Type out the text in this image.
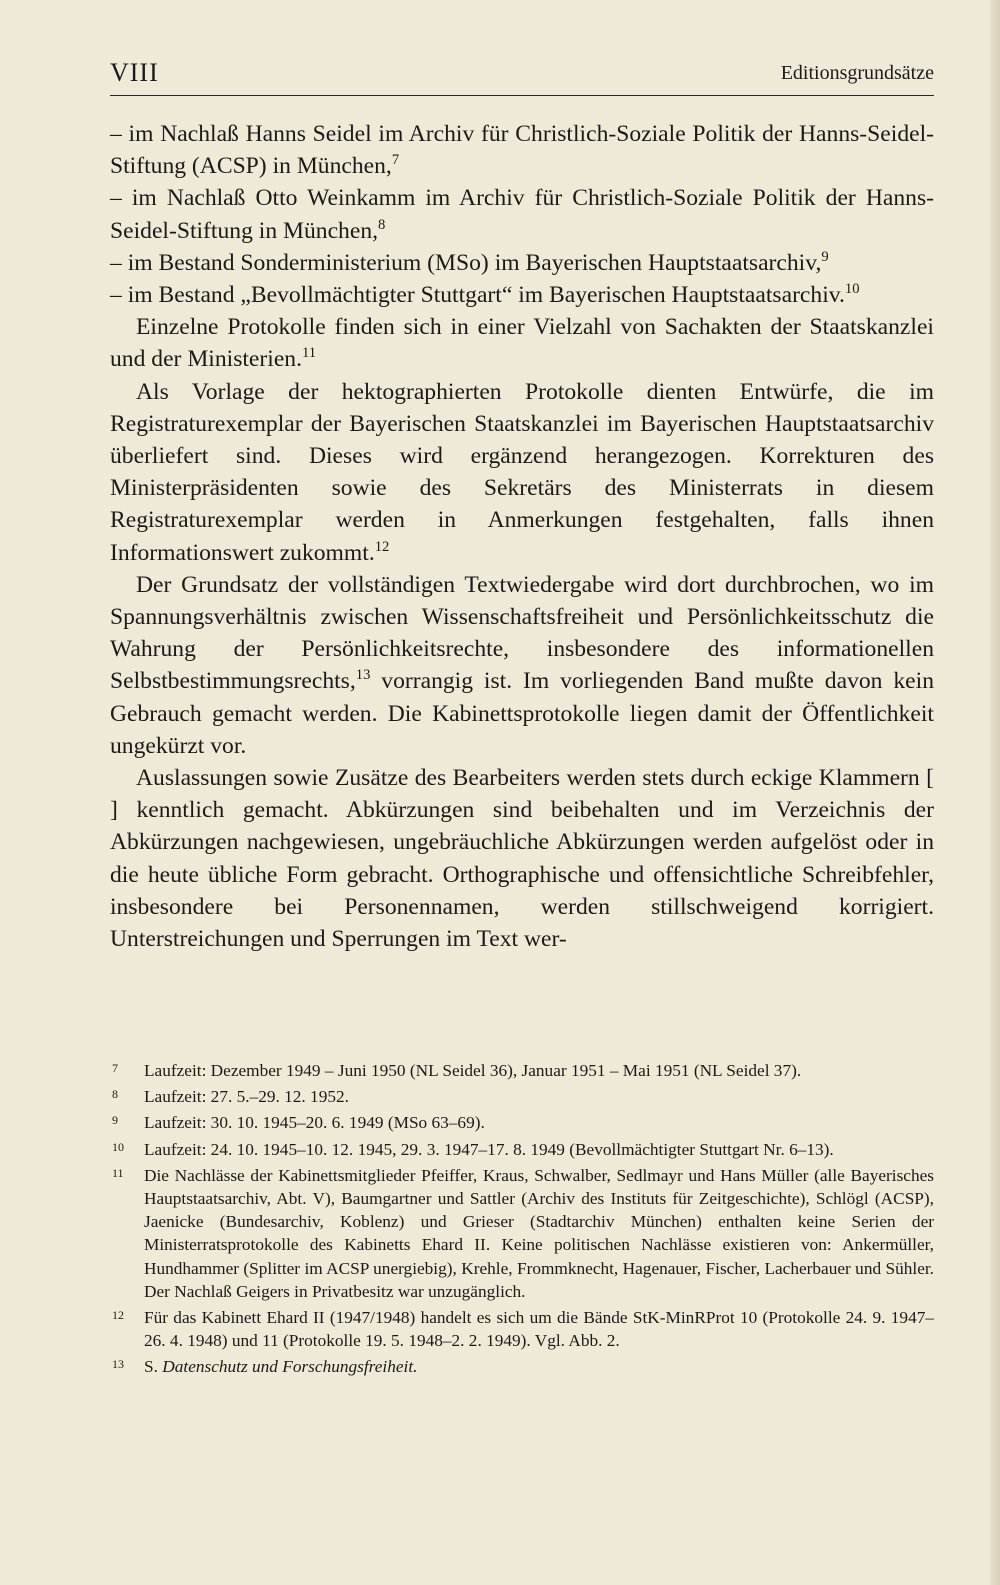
VIII	Editionsgrundsätze

– im Nachlaß Hanns Seidel im Archiv für Christlich-Soziale Politik der Hanns-Seidel-Stiftung (ACSP) in München,$^7$

– im Nachlaß Otto Weinkamm im Archiv für Christlich-Soziale Politik der Hanns-Seidel-Stiftung in München,$^8$

– im Bestand Sonderministerium (MSo) im Bayerischen Hauptstaatsarchiv,$^9$

– im Bestand „Bevollmächtigter Stuttgart“ im Bayerischen Hauptstaatsarchiv.$^{10}$

Einzelne Protokolle finden sich in einer Vielzahl von Sachakten der Staatskanzlei und der Ministerien.$^{11}$

Als Vorlage der hektographierten Protokolle dienten Entwürfe, die im Registraturexemplar der Bayerischen Staatskanzlei im Bayerischen Hauptstaatsarchiv überliefert sind. Dieses wird ergänzend herangezogen. Korrekturen des Ministerpräsidenten sowie des Sekretärs des Ministerrats in diesem Registraturexemplar werden in Anmerkungen festgehalten, falls ihnen Informationswert zukommt.$^{12}$

Der Grundsatz der vollständigen Textwiedergabe wird dort durchbrochen, wo im Spannungsverhältnis zwischen Wissenschaftsfreiheit und Persönlichkeitsschutz die Wahrung der Persönlichkeitsrechte, insbesondere des informationellen Selbstbestimmungsrechts,$^{13}$ vorrangig ist. Im vorliegenden Band mußte davon kein Gebrauch gemacht werden. Die Kabinettsprotokolle liegen damit der Öffentlichkeit ungekürzt vor.

Auslassungen sowie Zusätze des Bearbeiters werden stets durch eckige Klammern [ ] kenntlich gemacht. Abkürzungen sind beibehalten und im Verzeichnis der Abkürzungen nachgewiesen, ungebräuchliche Abkürzungen werden aufgelöst oder in die heute übliche Form gebracht. Orthographische und offensichtliche Schreibfehler, insbesondere bei Personennamen, werden stillschweigend korrigiert. Unterstreichungen und Sperrungen im Text wer-

7 Laufzeit: Dezember 1949 – Juni 1950 (NL Seidel 36), Januar 1951 – Mai 1951 (NL Seidel 37).
8 Laufzeit: 27. 5.–29. 12. 1952.
9 Laufzeit: 30. 10. 1945–20. 6. 1949 (MSo 63–69).
10 Laufzeit: 24. 10. 1945–10. 12. 1945, 29. 3. 1947–17. 8. 1949 (Bevollmächtigter Stuttgart Nr. 6–13).
11 Die Nachlässe der Kabinettsmitglieder Pfeiffer, Kraus, Schwalber, Sedlmayr und Hans Müller (alle Bayerisches Hauptstaatsarchiv, Abt. V), Baumgartner und Sattler (Archiv des Instituts für Zeitgeschichte), Schlögl (ACSP), Jaenicke (Bundesarchiv, Koblenz) und Grieser (Stadtarchiv München) enthalten keine Serien der Ministerratsprotokolle des Kabinetts Ehard II. Keine politischen Nachlässe existieren von: Ankermüller, Hundhammer (Splitter im ACSP unergiebig), Krehle, Frommknecht, Hagenauer, Fischer, Lacherbauer und Sühler. Der Nachlaß Geigers in Privatbesitz war unzugänglich.
12 Für das Kabinett Ehard II (1947/1948) handelt es sich um die Bände StK-MinRProt 10 (Protokolle 24. 9. 1947–26. 4. 1948) und 11 (Protokolle 19. 5. 1948–2. 2. 1949). Vgl. Abb. 2.
13 S. Datenschutz und Forschungsfreiheit.
